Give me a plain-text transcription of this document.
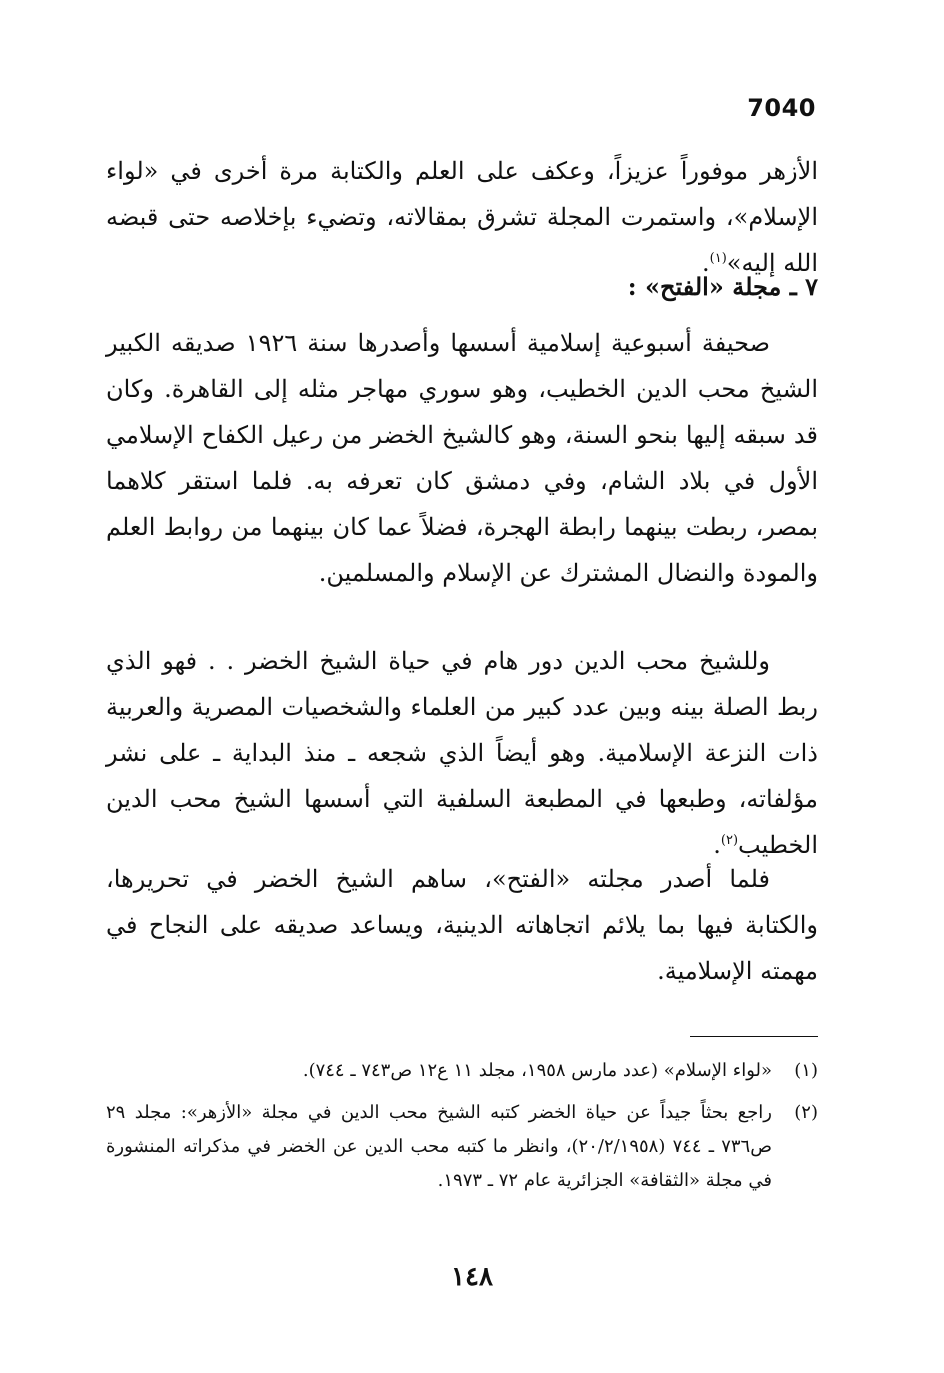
7040

الأزهر موفوراً عزيزاً، وعكف على العلم والكتابة مرة أخرى في «لواء الإسلام»، واستمرت المجلة تشرق بمقالاته، وتضيء بإخلاصه حتى قبضه الله إليه»$^{(١)}$.

٧ ـ مجلة «الفتح» :

صحيفة أسبوعية إسلامية أسسها وأصدرها سنة ١٩٢٦ صديقه الكبير الشيخ محب الدين الخطيب، وهو سوري مهاجر مثله إلى القاهرة. وكان قد سبقه إليها بنحو السنة، وهو كالشيخ الخضر من رعيل الكفاح الإسلامي الأول في بلاد الشام، وفي دمشق كان تعرفه به. فلما استقر كلاهما بمصر، ربطت بينهما رابطة الهجرة، فضلاً عما كان بينهما من روابط العلم والمودة والنضال المشترك عن الإسلام والمسلمين.

وللشيخ محب الدين دور هام في حياة الشيخ الخضر . . فهو الذي ربط الصلة بينه وبين عدد كبير من العلماء والشخصيات المصرية والعربية ذات النزعة الإسلامية. وهو أيضاً الذي شجعه ـ منذ البداية ـ على نشر مؤلفاته، وطبعها في المطبعة السلفية التي أسسها الشيخ محب الدين الخطيب$^{(٢)}$.

فلما أصدر مجلته «الفتح»، ساهم الشيخ الخضر في تحريرها، والكتابة فيها بما يلائم اتجاهاته الدينية، ويساعد صديقه على النجاح في مهمته الإسلامية.

(١)
«لواء الإسلام» (عدد مارس ١٩٥٨، مجلد ١١ ع١٢ ص٧٤٣ ـ ٧٤٤).
(٢)
راجع بحثاً جيداً عن حياة الخضر كتبه الشيخ محب الدين في مجلة «الأزهر»: مجلد ٢٩ ص٧٣٦ ـ ٧٤٤ (٢٠/٢/١٩٥٨)، وانظر ما كتبه محب الدين عن الخضر في مذكراته المنشورة في مجلة «الثقافة» الجزائرية عام ٧٢ ـ ١٩٧٣.
١٤٨
